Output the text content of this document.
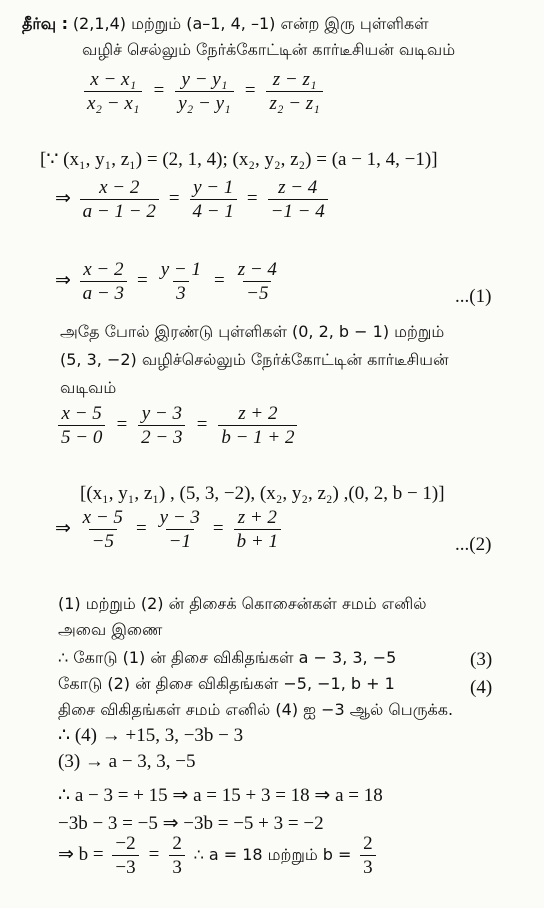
தீர்வு : (2,1,4) மற்றும் (a–1, 4, –1) என்ற இரு புள்ளிகள்
வழிச் செல்லும் நேர்க்கோட்டின் கார்டீசியன் வடிவம்
$\frac{\text{x − x₁}}{\text{x₂ − x₁}} = \frac{\text{y − y₁}}{\text{y₂ − y₁}} = \frac{\text{z − z₁}}{\text{z₂ − z₁}}$
[∵ (x₁, y₁, z₁) = (2, 1, 4); (x₂, y₂, z₂) = (a − 1, 4, −1)]
⇒ $\frac{x - 2}{a - 1 - 2} = \frac{y - 1}{4 - 1} = \frac{z - 4}{-1 - 4}$
⇒ $\frac{x - 2}{a - 3} = \frac{y - 1}{3} = \frac{z - 4}{-5}$	...(1)
அதே போல் இரண்டு புள்ளிகள் (0, 2, b − 1) மற்றும்
(5, 3, −2) வழிச்செல்லும் நேர்க்கோட்டின் கார்டீசியன்
வடிவம்
$\frac{x - 5}{5 - 0} = \frac{y - 3}{2 - 3} = \frac{z + 2}{b - 1 + 2}$
[(x₁, y₁, z₁) , (5, 3, −2), (x₂, y₂, z₂) ,(0, 2, b − 1)]
⇒ $\frac{x - 5}{-5} = \frac{y - 3}{-1} = \frac{z + 2}{b + 1}$	...(2)
(1) மற்றும் (2) ன் திசைக் கொசைன்கள் சமம் எனில்
அவை இணை
∴ கோடு (1) ன் திசை விகிதங்கள் a − 3, 3, −5	(3)
கோடு (2) ன் திசை விகிதங்கள் −5, −1, b + 1	(4)
திசை விகிதங்கள் சமம் எனில் (4) ஐ −3 ஆல் பெருக்க.
∴ (4) → +15, 3, −3b − 3
(3) → a − 3, 3, −5
∴ a − 3 = + 15 ⇒ a = 15 + 3 = 18 ⇒ a = 18
−3b − 3 = −5 ⇒ −3b = −5 + 3 = −2
⇒ $b = \frac{-2}{-3} = \frac{2}{3}$ ∴ a = 18 மற்றும் $b = \frac{2}{3}$
